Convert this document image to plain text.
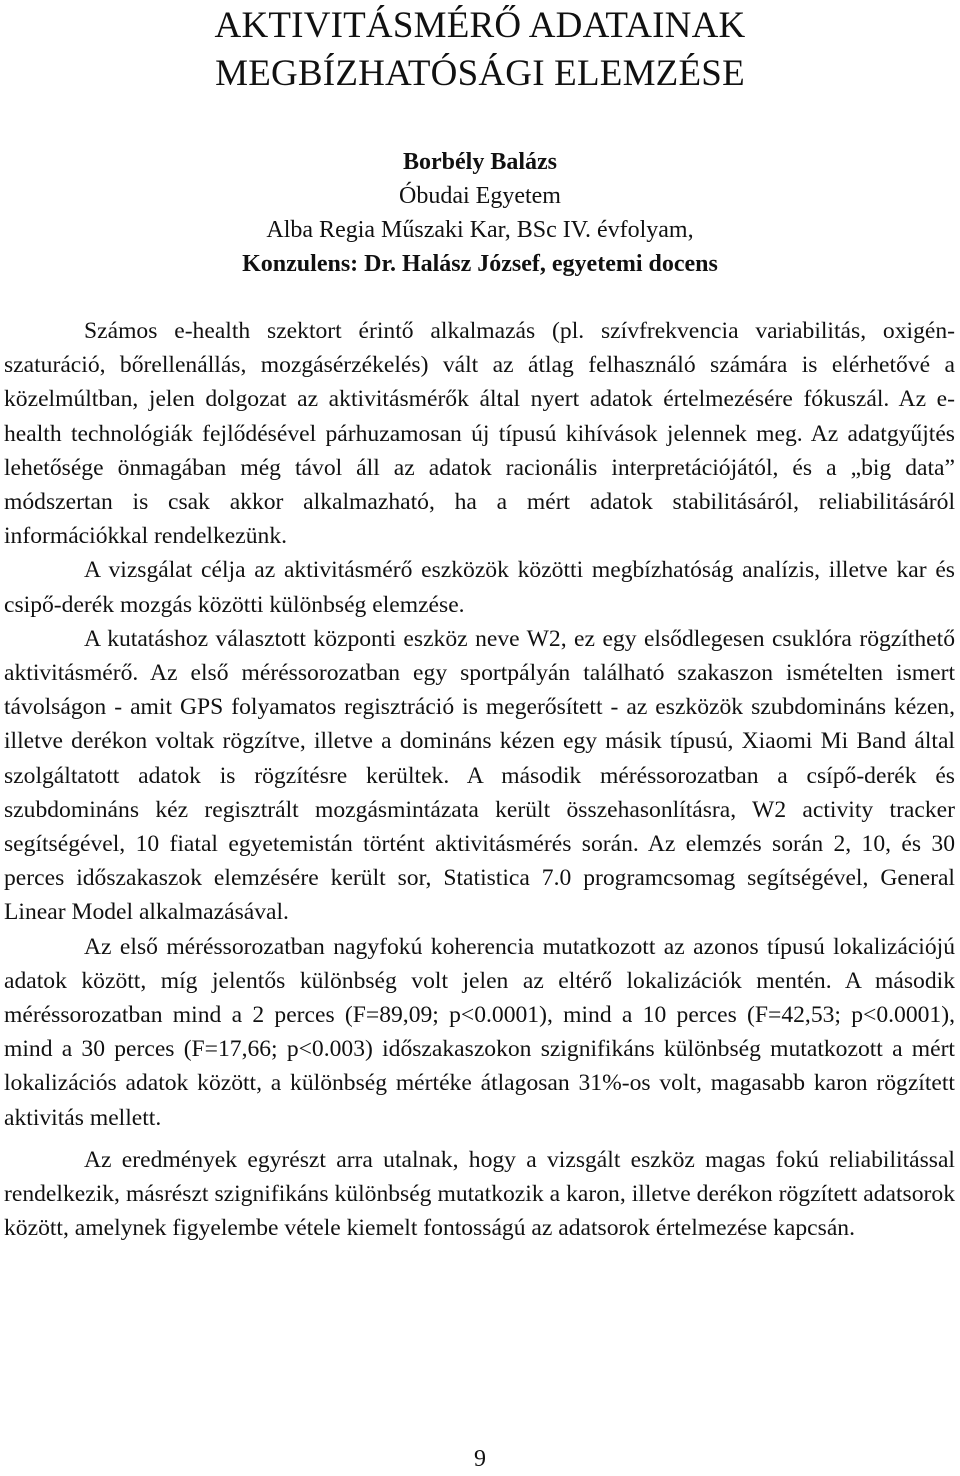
AKTIVITÁSMÉRŐ ADATAINAK
MEGBÍZHATÓSÁGI ELEMZÉSE
Borbély Balázs
Óbudai Egyetem
Alba Regia Műszaki Kar, BSc IV. évfolyam,
Konzulens: Dr. Halász József, egyetemi docens

Számos e-health szektort érintő alkalmazás (pl. szívfrekvencia variabilitás, oxigén-szaturáció, bőrellenállás, mozgásérzékelés) vált az átlag felhasználó számára is elérhetővé a közelmúltban, jelen dolgozat az aktivitásmérők által nyert adatok értelmezésére fókuszál. Az e-health technológiák fejlődésével párhuzamosan új típusú kihívások jelennek meg. Az adatgyűjtés lehetősége önmagában még távol áll az adatok racionális interpretációjától, és a „big data” módszertan is csak akkor alkalmazható, ha a mért adatok stabilitásáról, reliabilitásáról információkkal rendelkezünk.

A vizsgálat célja az aktivitásmérő eszközök közötti megbízhatóság analízis, illetve kar és csipő-derék mozgás közötti különbség elemzése.

A kutatáshoz választott központi eszköz neve W2, ez egy elsődlegesen csuklóra rögzíthető aktivitásmérő. Az első méréssorozatban egy sportpályán található szakaszon ismételten ismert távolságon - amit GPS folyamatos regisztráció is megerősített - az eszközök szubdomináns kézen, illetve derékon voltak rögzítve, illetve a domináns kézen egy másik típusú, Xiaomi Mi Band által szolgáltatott adatok is rögzítésre kerültek. A második méréssorozatban a csípő-derék és szubdomináns kéz regisztrált mozgásmintázata került összehasonlításra, W2 activity tracker segítségével, 10 fiatal egyetemistán történt aktivitásmérés során. Az elemzés során 2, 10, és 30 perces időszakaszok elemzésére került sor, Statistica 7.0 programcsomag segítségével, General Linear Model alkalmazásával.

Az első méréssorozatban nagyfokú koherencia mutatkozott az azonos típusú lokalizációjú adatok között, míg jelentős különbség volt jelen az eltérő lokalizációk mentén. A második méréssorozatban mind a 2 perces (F=89,09; p<0.0001), mind a 10 perces (F=42,53; p<0.0001), mind a 30 perces (F=17,66; p<0.003) időszakaszokon szignifikáns különbség mutatkozott a mért lokalizációs adatok között, a különbség mértéke átlagosan 31%-os volt, magasabb karon rögzített aktivitás mellett.

Az eredmények egyrészt arra utalnak, hogy a vizsgált eszköz magas fokú reliabilitással rendelkezik, másrészt szignifikáns különbség mutatkozik a karon, illetve derékon rögzített adatsorok között, amelynek figyelembe vétele kiemelt fontosságú az adatsorok értelmezése kapcsán.

9
